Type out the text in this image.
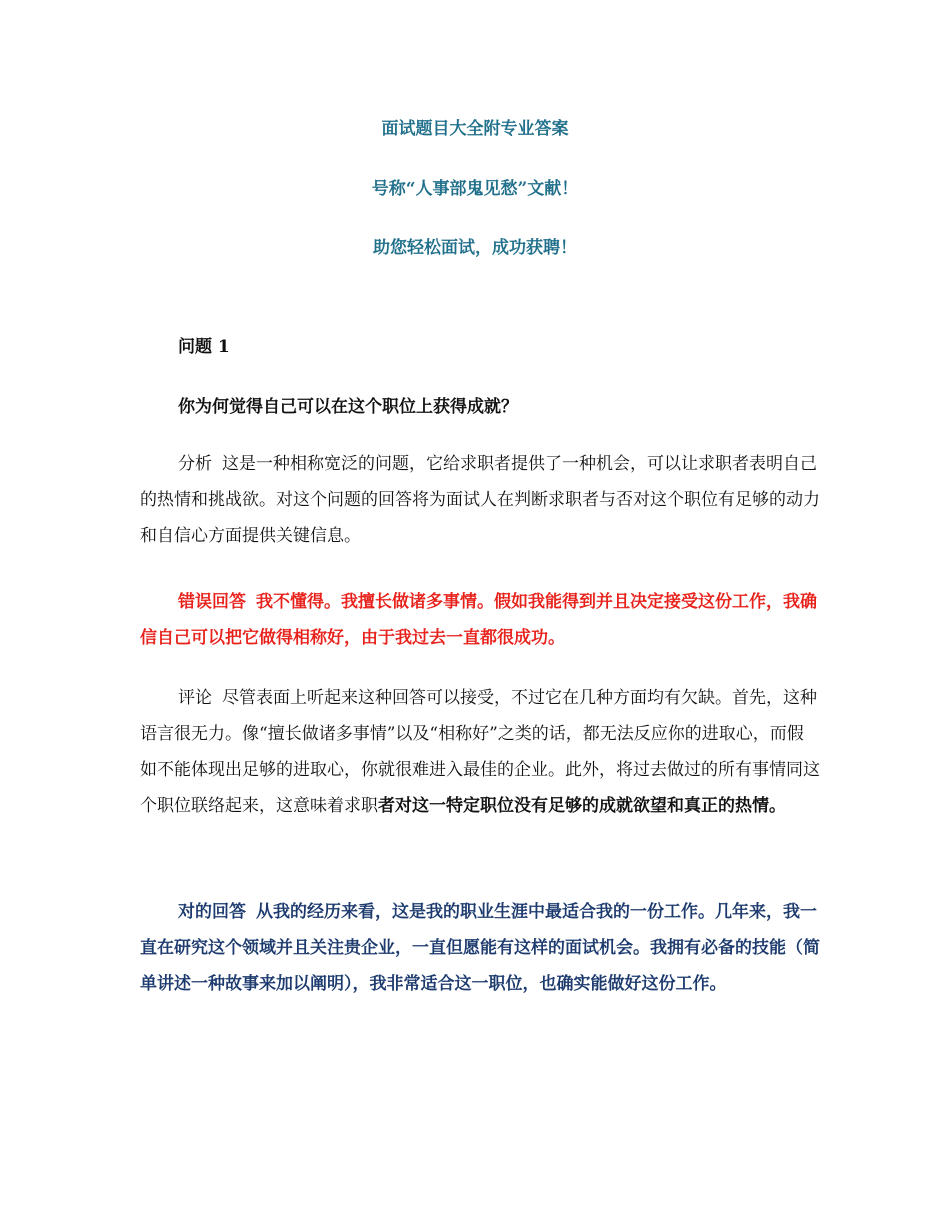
面试题目大全附专业答案
号称“人事部鬼见愁”文献！
助您轻松面试，成功获聘！
问题 1
你为何觉得自己可以在这个职位上获得成就？

分析 这是一种相称宽泛的问题，它给求职者提供了一种机会，可以让求职者表明自己的热情和挑战欲。对这个问题的回答将为面试人在判断求职者与否对这个职位有足够的动力和自信心方面提供关键信息。

错误回答 我不懂得。我擅长做诸多事情。假如我能得到并且决定接受这份工作，我确信自己可以把它做得相称好，由于我过去一直都很成功。

评论 尽管表面上听起来这种回答可以接受，不过它在几种方面均有欠缺。首先，这种语言很无力。像“擅长做诸多事情”以及“相称好”之类的话，都无法反应你的进取心，而假如不能体现出足够的进取心，你就很难进入最佳的企业。此外，将过去做过的所有事情同这个职位联络起来，这意味着求职者对这一特定职位没有足够的成就欲望和真正的热情。

对的回答 从我的经历来看，这是我的职业生涯中最适合我的一份工作。几年来，我一直在研究这个领域并且关注贵企业，一直但愿能有这样的面试机会。我拥有必备的技能（简单讲述一种故事来加以阐明），我非常适合这一职位，也确实能做好这份工作。
